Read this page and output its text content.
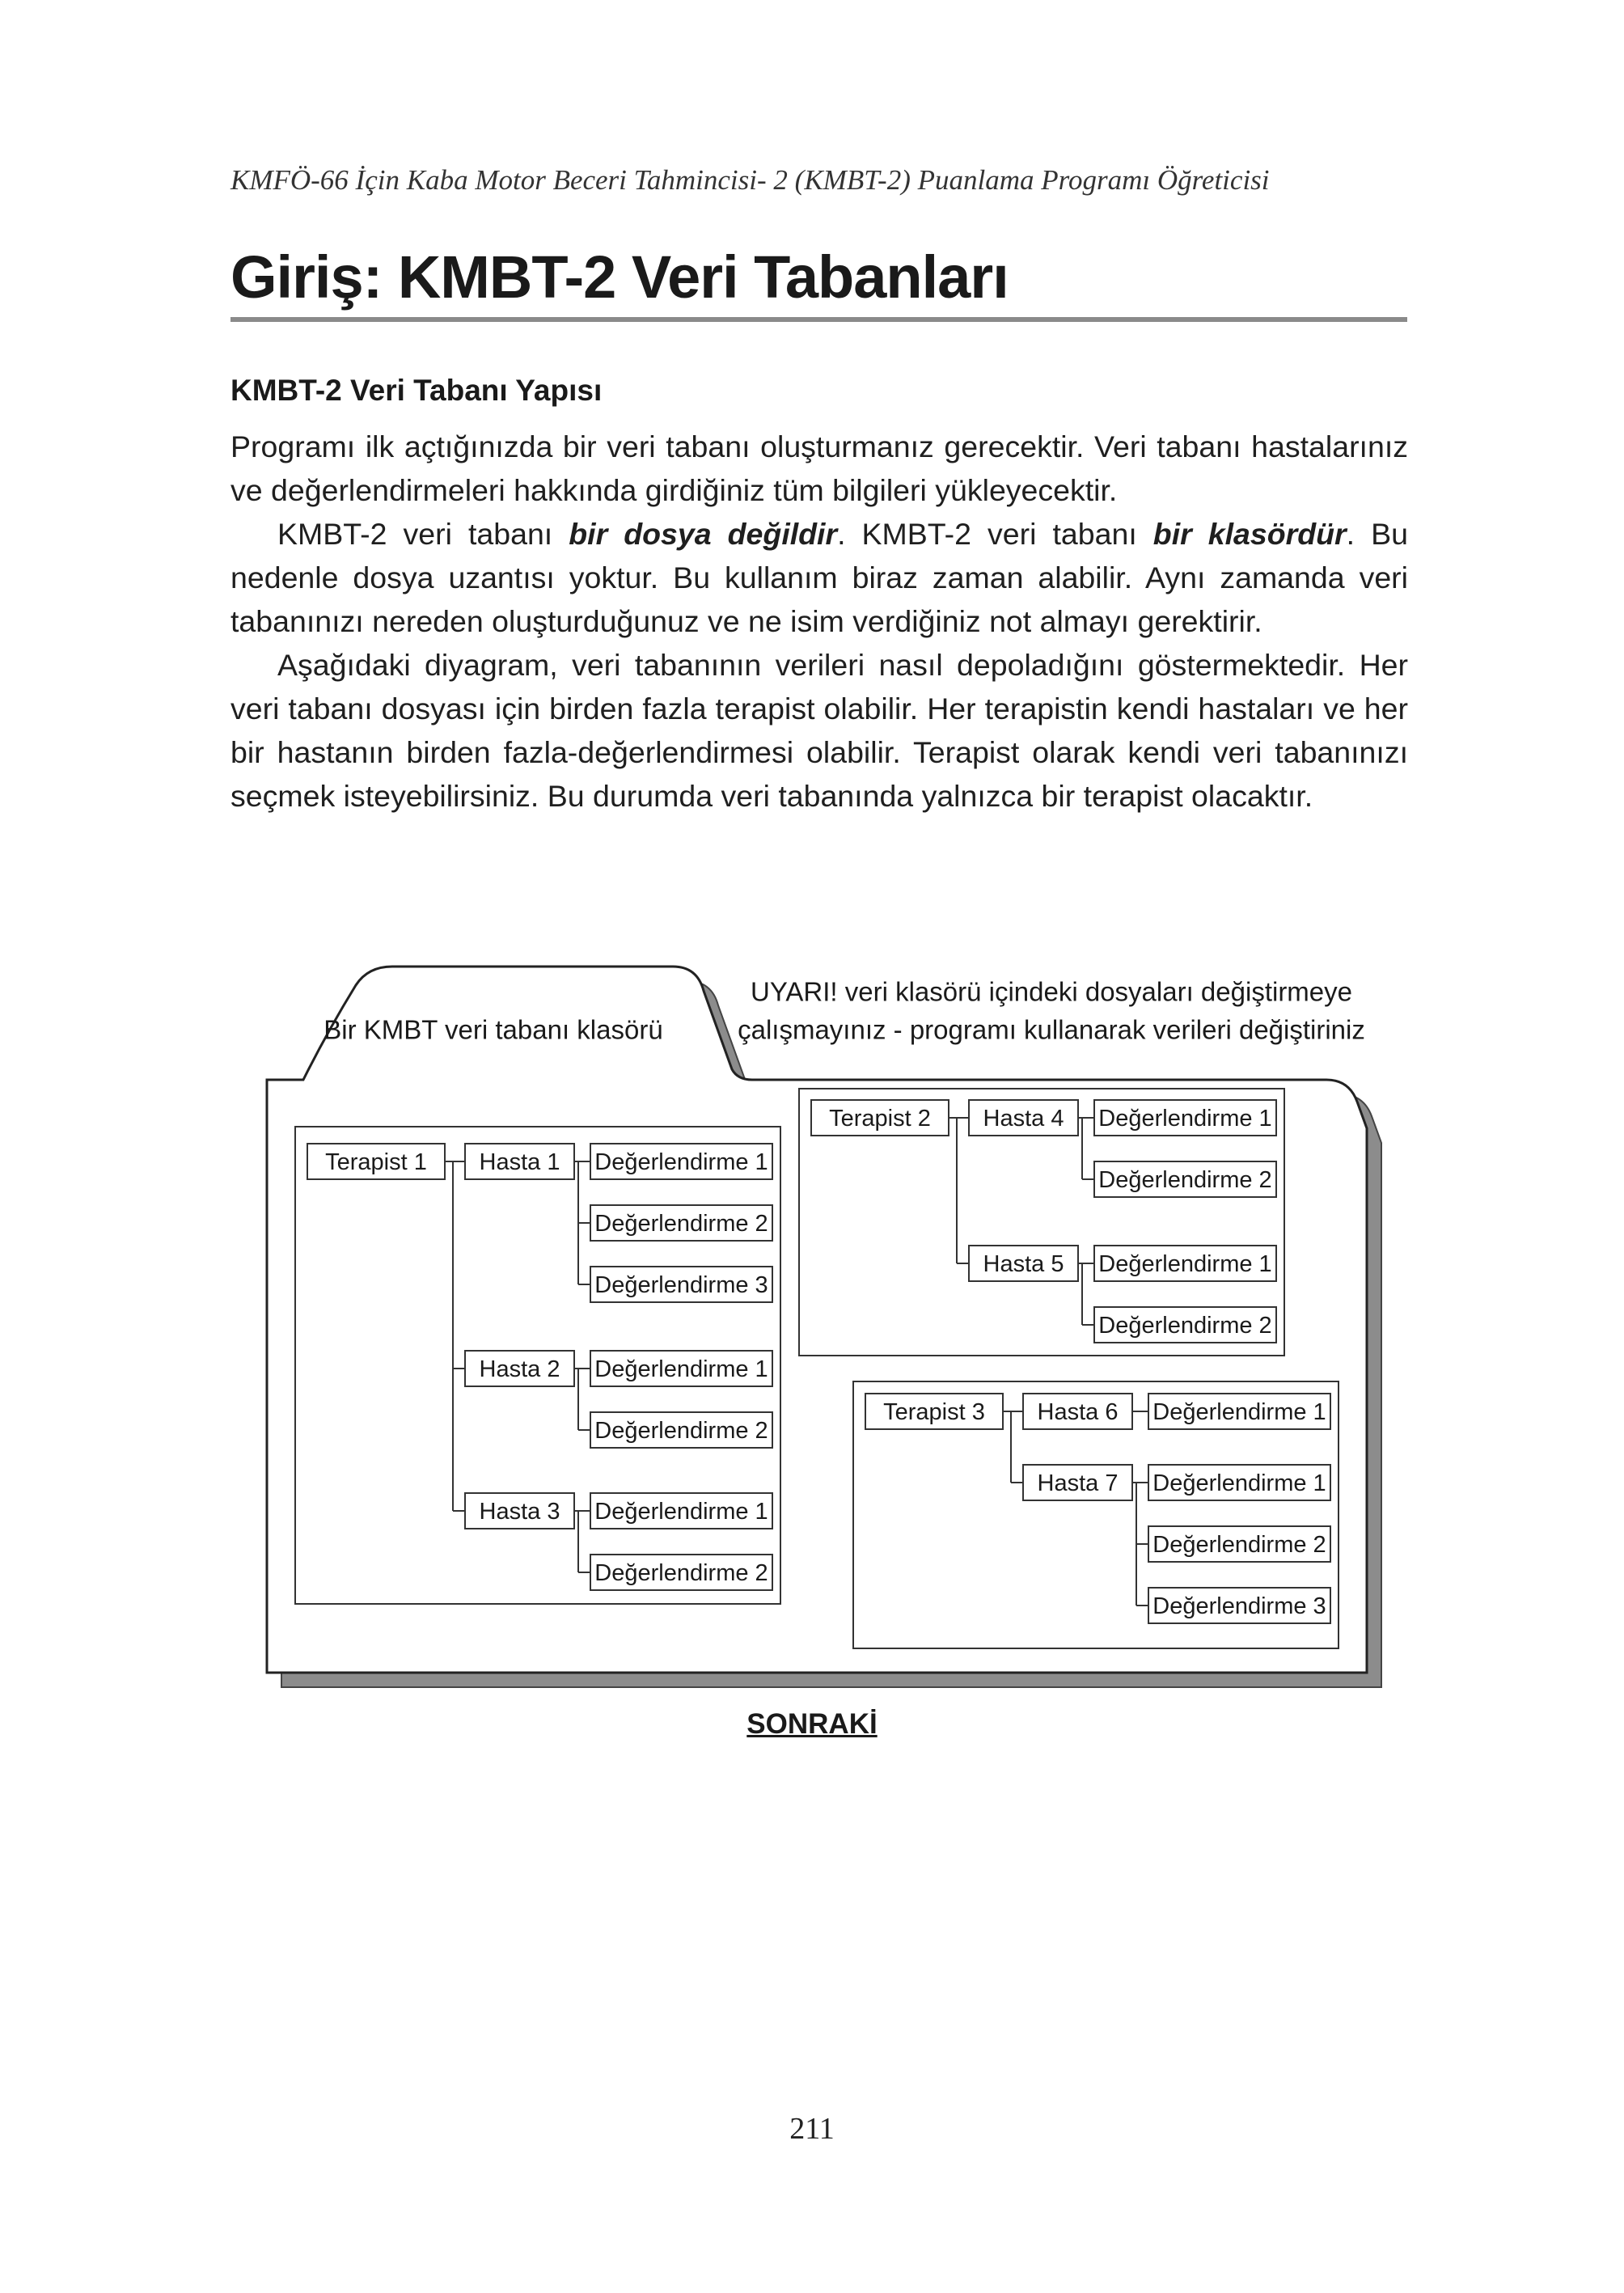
KMFÖ-66 İçin Kaba Motor Beceri Tahmincisi- 2 (KMBT-2) Puanlama Programı Öğreticisi
Giriş: KMBT-2 Veri Tabanları
KMBT-2 Veri Tabanı Yapısı

Programı ilk açtığınızda bir veri tabanı oluşturmanız gerecektir. Veri tabanı hastalarınız ve değerlendirmeleri hakkında girdiğiniz tüm bilgileri yükleyecektir.

KMBT-2 veri tabanı bir dosya değildir. KMBT-2 veri tabanı bir klasördür. Bu nedenle dosya uzantısı yoktur. Bu kullanım biraz zaman alabilir. Aynı zamanda veri tabanınızı nereden oluşturduğunuz ve ne isim verdiğiniz not almayı gerektirir.

Aşağıdaki diyagram, veri tabanının verileri nasıl depoladığını göstermektedir. Her veri tabanı dosyası için birden fazla terapist olabilir. Her terapistin kendi hastaları ve her bir hastanın birden fazla-değerlendirmesi olabilir. Terapist olarak kendi veri tabanınızı seçmek isteyebilirsiniz. Bu durumda veri tabanında yalnızca bir terapist olacaktır.

Bir KMBT veri tabanı klasörü
UYARI! veri klasörü içindeki dosyaları değiştirmeye
çalışmayınız - programı kullanarak verileri değiştiriniz
Terapist 1 Hasta 1 Değerlendirme 1
Değerlendirme 2
Değerlendirme 3
Hasta 2 Değerlendirme 1
Değerlendirme 2
Hasta 3 Değerlendirme 1
Değerlendirme 2
Terapist 2 Hasta 4 Değerlendirme 1
Değerlendirme 2
Hasta 5 Değerlendirme 1
Değerlendirme 2
Terapist 3 Hasta 6 Değerlendirme 1
Hasta 7 Değerlendirme 1
Değerlendirme 2
Değerlendirme 3
SONRAKİ
211
